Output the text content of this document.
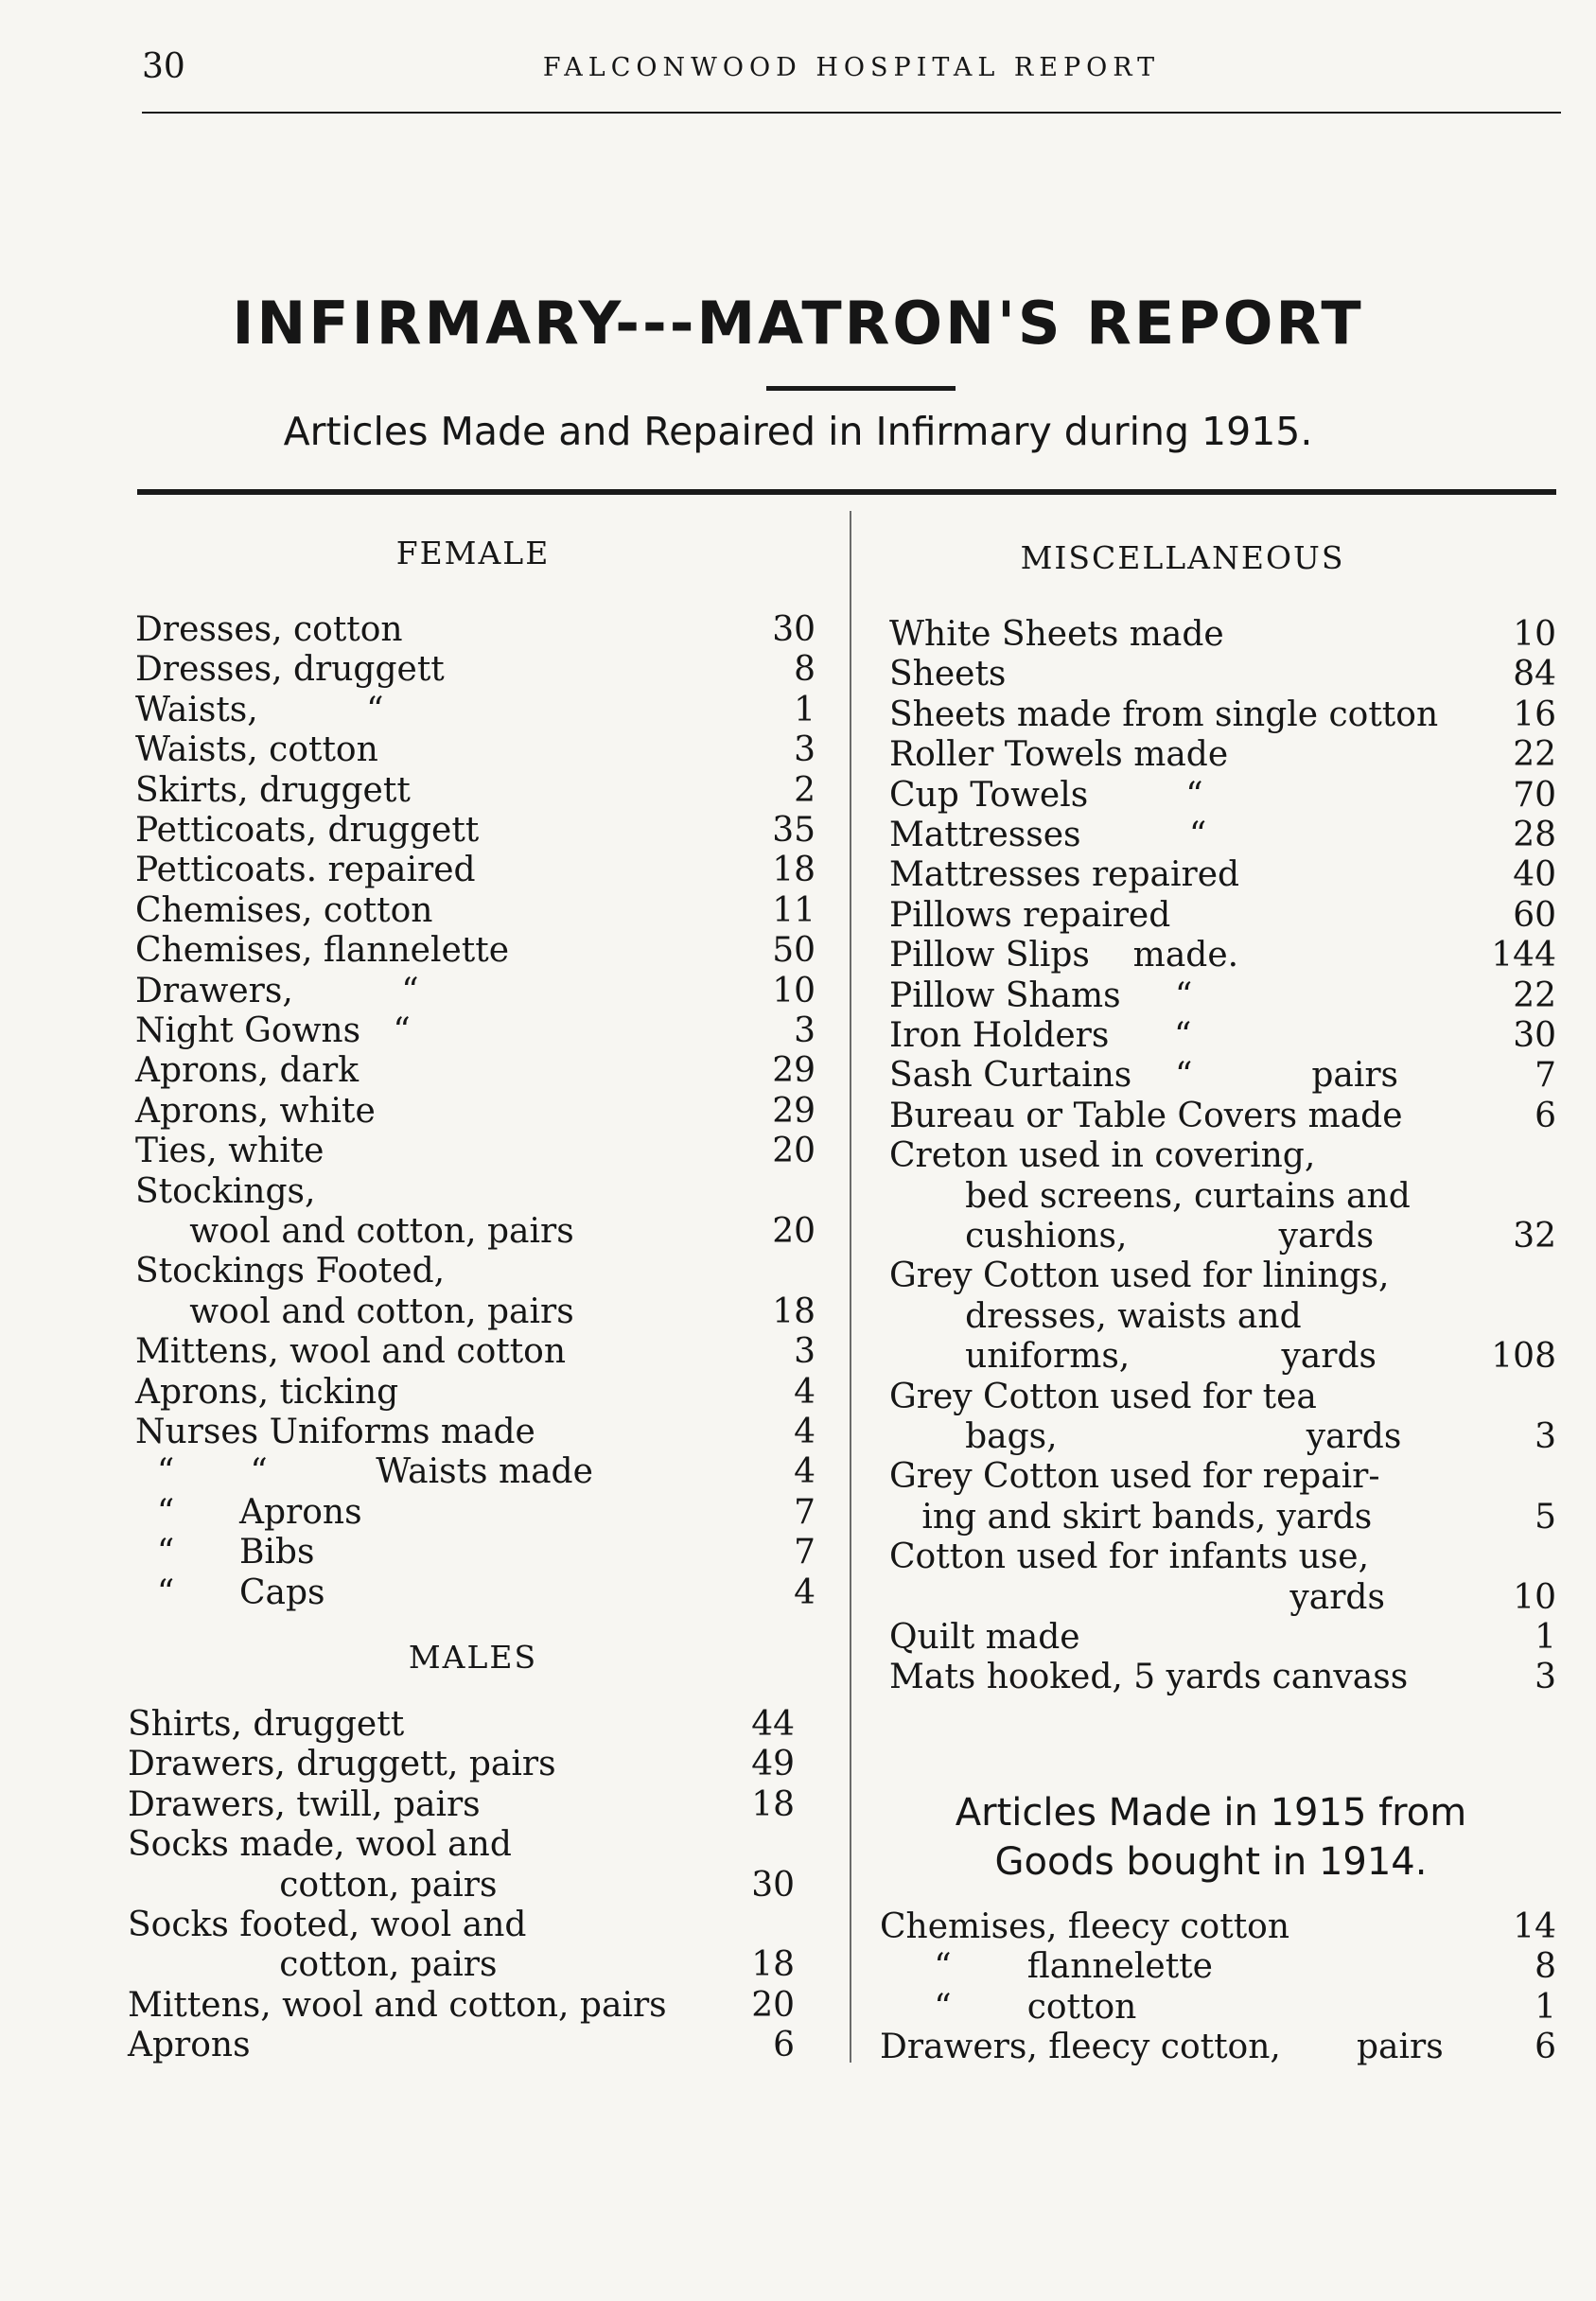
30	FALCONWOOD HOSPITAL REPORT
INFIRMARY---MATRON'S REPORT
Articles Made and Repaired in Infirmary during 1915.
FEMALE
Dresses, cotton	30
Dresses, druggett	8
Waists,          “	1
Waists, cotton	3
Skirts, druggett	2
Petticoats, druggett	35
Petticoats. repaired	18
Chemises, cotton	11
Chemises, flannelette	50
Drawers,          “	10
Night Gowns   “	3
Aprons, dark	29
Aprons, white	29
Ties, white	20
Stockings,
wool and cotton, pairs	20
Stockings Footed,
wool and cotton, pairs	18
Mittens, wool and cotton	3
Aprons, ticking	4
Nurses Uniforms made	4
“       “          Waists made	4
“      Aprons	7
“      Bibs	7
“      Caps	4
MALES
Shirts, druggett	44
Drawers, druggett, pairs	49
Drawers, twill, pairs	18
Socks made, wool and
cotton, pairs	30
Socks footed, wool and
cotton, pairs	18
Mittens, wool and cotton, pairs	20
Aprons	6
MISCELLANEOUS
White Sheets made	10
Sheets	84
Sheets made from single cotton	16
Roller Towels made	22
Cup Towels         “	70
Mattresses          “	28
Mattresses repaired	40
Pillows repaired	60
Pillow Slips    made.	144
Pillow Shams     “	22
Iron Holders      “	30
Sash Curtains    “           pairs	7
Bureau or Table Covers made	6
Creton used in covering,
bed screens, curtains and
cushions,              yards	32
Grey Cotton used for linings,
dresses, waists and
uniforms,              yards	108
Grey Cotton used for tea
bags,                       yards	3
Grey Cotton used for repair-
ing and skirt bands, yards	5
Cotton used for infants use,
yards	10
Quilt made	1
Mats hooked, 5 yards canvass	3
Articles Made in 1915 from
Goods bought in 1914.
Chemises, fleecy cotton	14
“       flannelette	8
“       cotton	1
Drawers, fleecy cotton,       pairs	6
